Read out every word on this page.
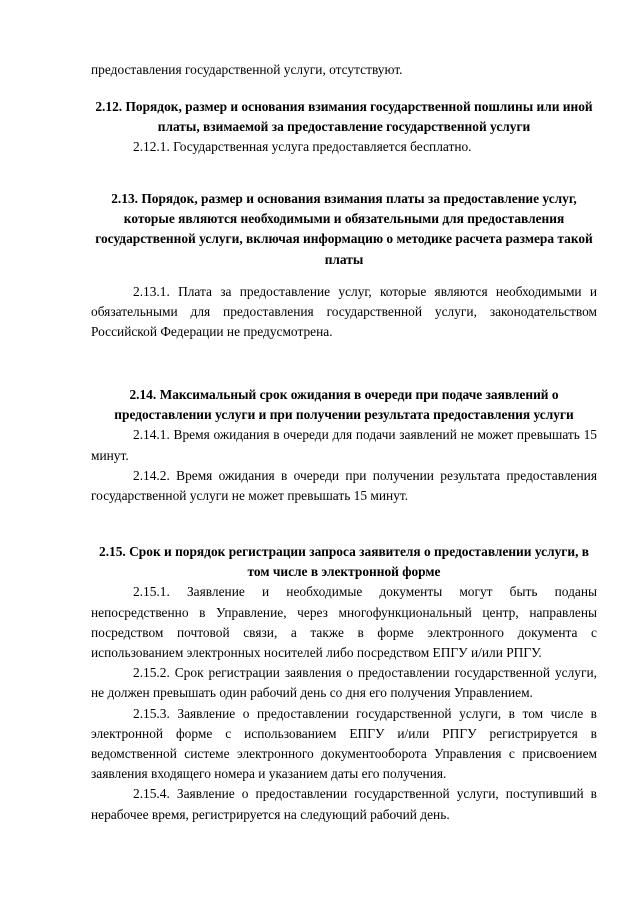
предоставления государственной услуги, отсутствуют.

2.12. Порядок, размер и основания взимания государственной пошлины или иной платы, взимаемой за предоставление государственной услуги

2.12.1. Государственная услуга предоставляется бесплатно.

2.13. Порядок, размер и основания взимания платы за предоставление услуг, которые являются необходимыми и обязательными для предоставления государственной услуги, включая информацию о методике расчета размера такой платы

2.13.1. Плата за предоставление услуг, которые являются необходимыми и обязательными для предоставления государственной услуги, законодательством Российской Федерации не предусмотрена.

2.14. Максимальный срок ожидания в очереди при подаче заявлений о предоставлении услуги и при получении результата предоставления услуги

2.14.1. Время ожидания в очереди для подачи заявлений не может превышать 15 минут.

2.14.2. Время ожидания в очереди при получении результата предоставления государственной услуги не может превышать 15 минут.

2.15. Срок и порядок регистрации запроса заявителя о предоставлении услуги, в том числе в электронной форме

2.15.1. Заявление и необходимые документы могут быть поданы непосредственно в Управление, через многофункциональный центр, направлены посредством почтовой связи, а также в форме электронного документа с использованием электронных носителей либо посредством ЕПГУ и/или РПГУ.

2.15.2. Срок регистрации заявления о предоставлении государственной услуги, не должен превышать один рабочий день со дня его получения Управлением.

2.15.3. Заявление о предоставлении государственной услуги, в том числе в электронной форме с использованием ЕПГУ и/или РПГУ регистрируется в ведомственной системе электронного документооборота Управления с присвоением заявления входящего номера и указанием даты его получения.

2.15.4. Заявление о предоставлении государственной услуги, поступивший в нерабочее время, регистрируется на следующий рабочий день.
